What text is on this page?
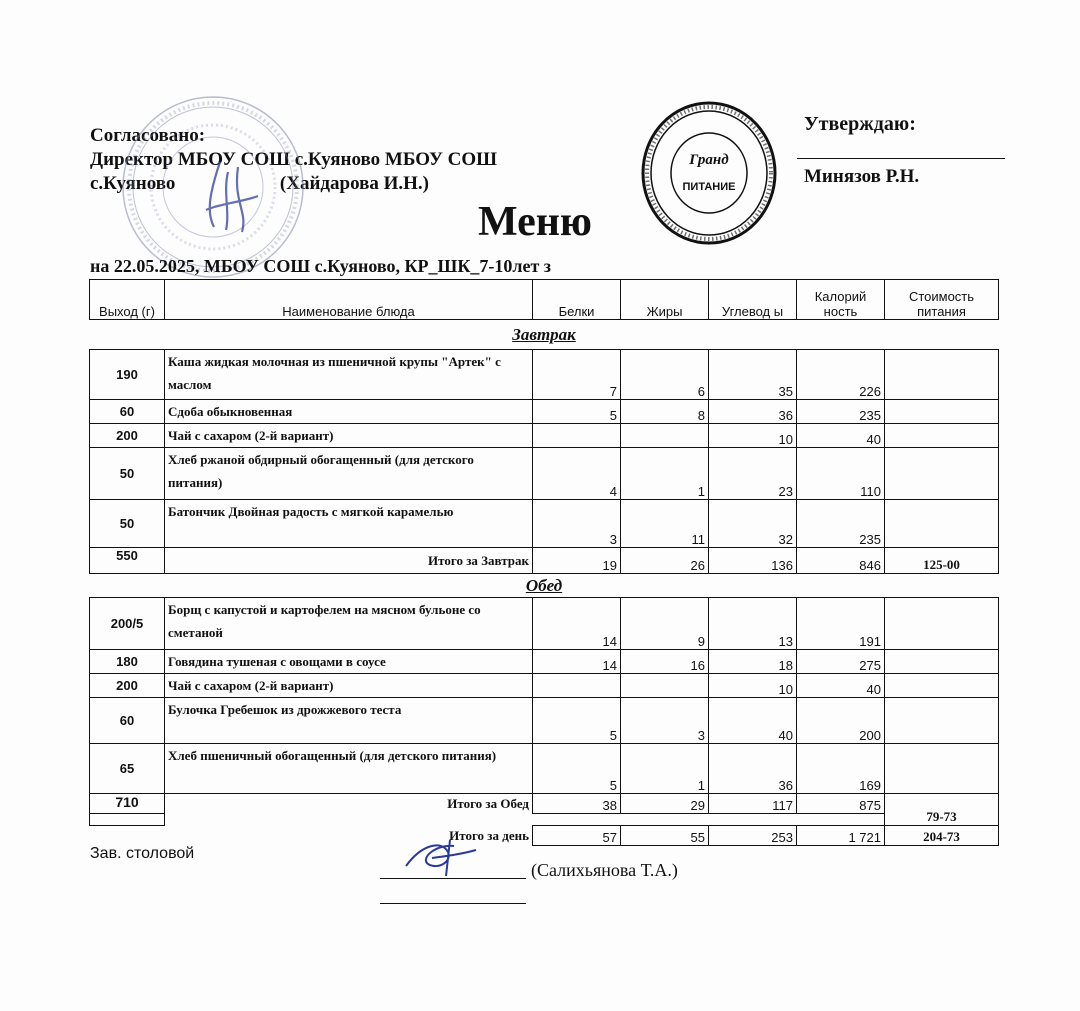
Согласовано:
Директор МБОУ СОШ с.Куяново МБОУ СОШ
с.Куяново	(Хайдарова И.Н.)
Утверждаю:
Минязов Р.Н.
Гранд
ПИТАНИЕ
Меню
на 22.05.2025, МБОУ СОШ с.Куяново, КР_ШК_7-10лет з
Выход (г)	Наименование блюда	Белки	Жиры	Углевод ы	Калорий ность	Стоимость питания
Завтрак						
190	Каша жидкая молочная из пшеничной крупы "Артек" с маслом	7	6	35	226	
60	Сдоба обыкновенная	5	8	36	235	
200	Чай с сахаром (2-й вариант)			10	40	
50	Хлеб ржаной обдирный обогащенный (для детского питания)	4	1	23	110	
50	Батончик Двойная радость с мягкой карамелью	3	11	32	235	
550	Итого за Завтрак	19	26	136	846	125-00
Обед						
200/5	Борщ с капустой и картофелем на мясном бульоне со сметаной	14	9	13	191	
180	Говядина тушеная с овощами в соусе	14	16	18	275	
200	Чай с сахаром (2-й вариант)			10	40	
60	Булочка Гребешок из дрожжевого теста	5	3	40	200	
65	Хлеб пшеничный обогащенный (для детского питания)	5	1	36	169	
710	Итого за Обед	38	29	117	875	79-73

	Итого за день	57	55	253	1 721	204-73
Зав. столовой
(Салихьянова Т.А.)
